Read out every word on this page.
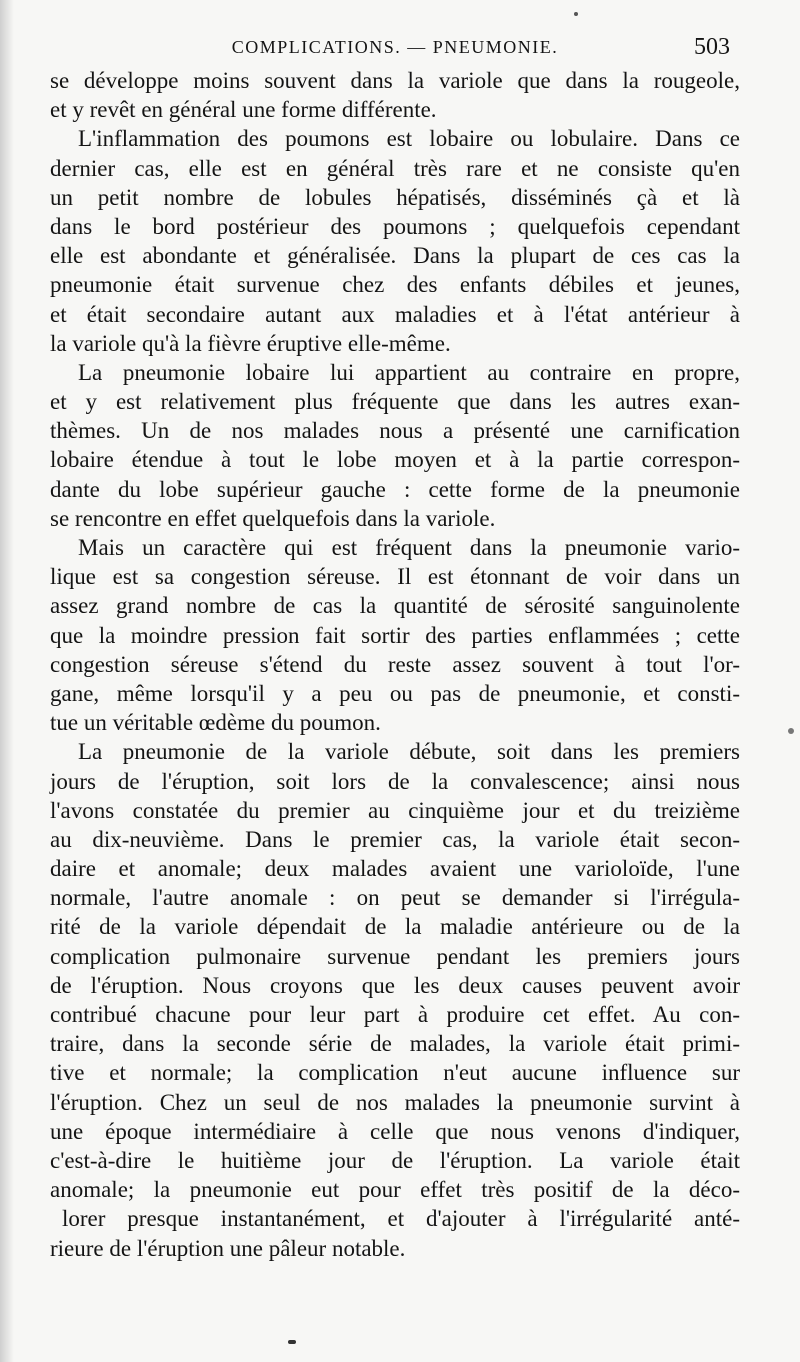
COMPLICATIONS. — PNEUMONIE.	503
se développe moins souvent dans la variole que dans la rougeole,
et y revêt en général une forme différente.
L'inflammation des poumons est lobaire ou lobulaire. Dans ce
dernier cas, elle est en général très rare et ne consiste qu'en
un petit nombre de lobules hépatisés, disséminés çà et là
dans le bord postérieur des poumons ; quelquefois cependant
elle est abondante et généralisée. Dans la plupart de ces cas la
pneumonie était survenue chez des enfants débiles et jeunes,
et était secondaire autant aux maladies et à l'état antérieur à
la variole qu'à la fièvre éruptive elle-même.
La pneumonie lobaire lui appartient au contraire en propre,
et y est relativement plus fréquente que dans les autres exan-
thèmes. Un de nos malades nous a présenté une carnification
lobaire étendue à tout le lobe moyen et à la partie correspon-
dante du lobe supérieur gauche : cette forme de la pneumonie
se rencontre en effet quelquefois dans la variole.
Mais un caractère qui est fréquent dans la pneumonie vario-
lique est sa congestion séreuse. Il est étonnant de voir dans un
assez grand nombre de cas la quantité de sérosité sanguinolente
que la moindre pression fait sortir des parties enflammées ; cette
congestion séreuse s'étend du reste assez souvent à tout l'or-
gane, même lorsqu'il y a peu ou pas de pneumonie, et consti-
tue un véritable œdème du poumon.
La pneumonie de la variole débute, soit dans les premiers
jours de l'éruption, soit lors de la convalescence; ainsi nous
l'avons constatée du premier au cinquième jour et du treizième
au dix-neuvième. Dans le premier cas, la variole était secon-
daire et anomale; deux malades avaient une varioloïde, l'une
normale, l'autre anomale : on peut se demander si l'irrégula-
rité de la variole dépendait de la maladie antérieure ou de la
complication pulmonaire survenue pendant les premiers jours
de l'éruption. Nous croyons que les deux causes peuvent avoir
contribué chacune pour leur part à produire cet effet. Au con-
traire, dans la seconde série de malades, la variole était primi-
tive et normale; la complication n'eut aucune influence sur
l'éruption. Chez un seul de nos malades la pneumonie survint à
une époque intermédiaire à celle que nous venons d'indiquer,
c'est-à-dire le huitième jour de l'éruption. La variole était
anomale; la pneumonie eut pour effet très positif de la déco-
lorer presque instantanément, et d'ajouter à l'irrégularité anté-
rieure de l'éruption une pâleur notable.
